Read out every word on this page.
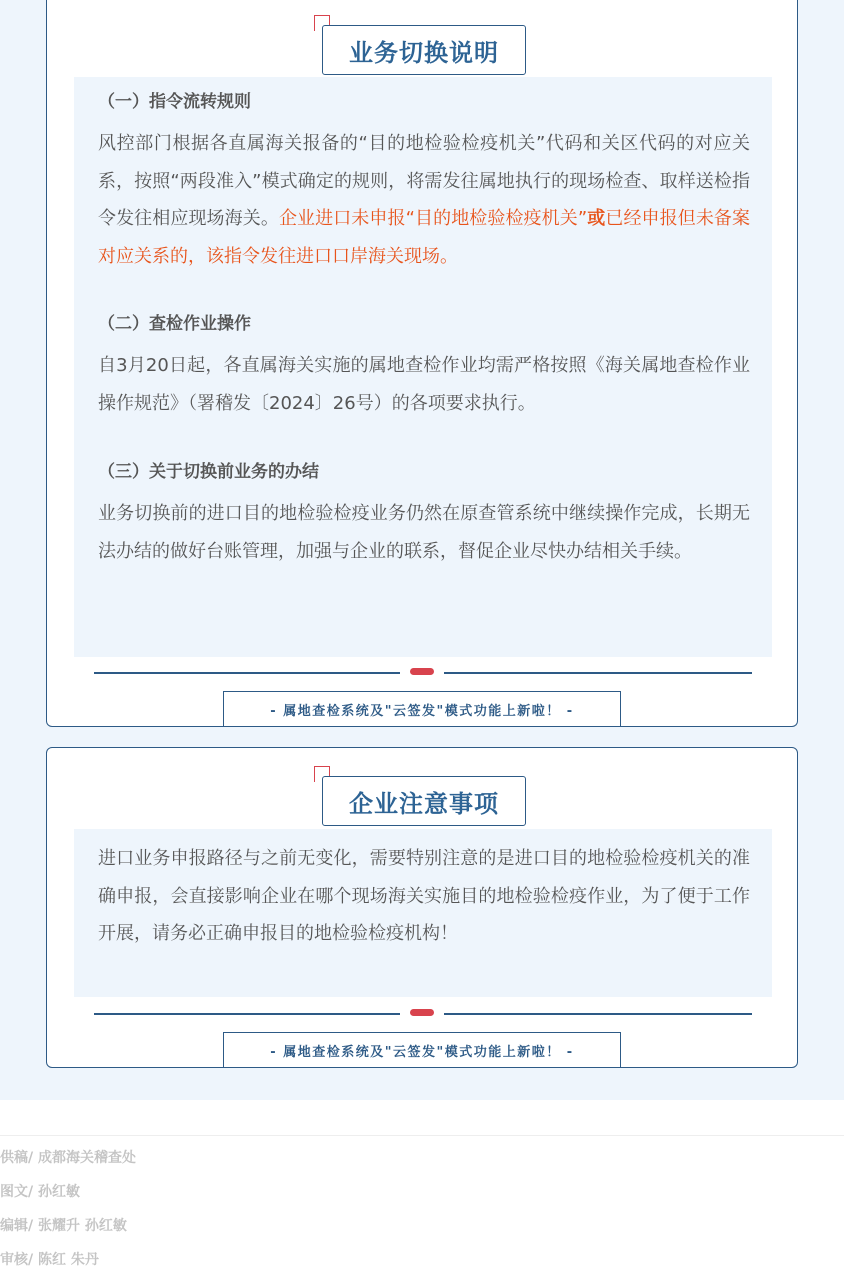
业务切换说明
（一）指令流转规则
风控部门根据各直属海关报备的“目的地检验检疫机关”代码和关区代码的对应关系，按照“两段准入”模式确定的规则，将需发往属地执行的现场检查、取样送检指令发往相应现场海关。企业进口未申报“目的地检验检疫机关”或已经申报但未备案对应关系的，该指令发往进口口岸海关现场。
（二）查检作业操作
自3月20日起，各直属海关实施的属地查检作业均需严格按照《海关属地查检作业操作规范》（署稽发〔2024〕26号）的各项要求执行。
（三）关于切换前业务的办结
业务切换前的进口目的地检验检疫业务仍然在原查管系统中继续操作完成，长期无法办结的做好台账管理，加强与企业的联系，督促企业尽快办结相关手续。
- 属地查检系统及"云签发"模式功能上新啦！ -
企业注意事项
进口业务申报路径与之前无变化，需要特别注意的是进口目的地检验检疫机关的准确申报，会直接影响企业在哪个现场海关实施目的地检验检疫作业，为了便于工作开展，请务必正确申报目的地检验检疫机构！
- 属地查检系统及"云签发"模式功能上新啦！ -
供稿/ 成都海关稽查处
图文/ 孙红敏
编辑/ 张耀升 孙红敏
审核/ 陈红 朱丹
